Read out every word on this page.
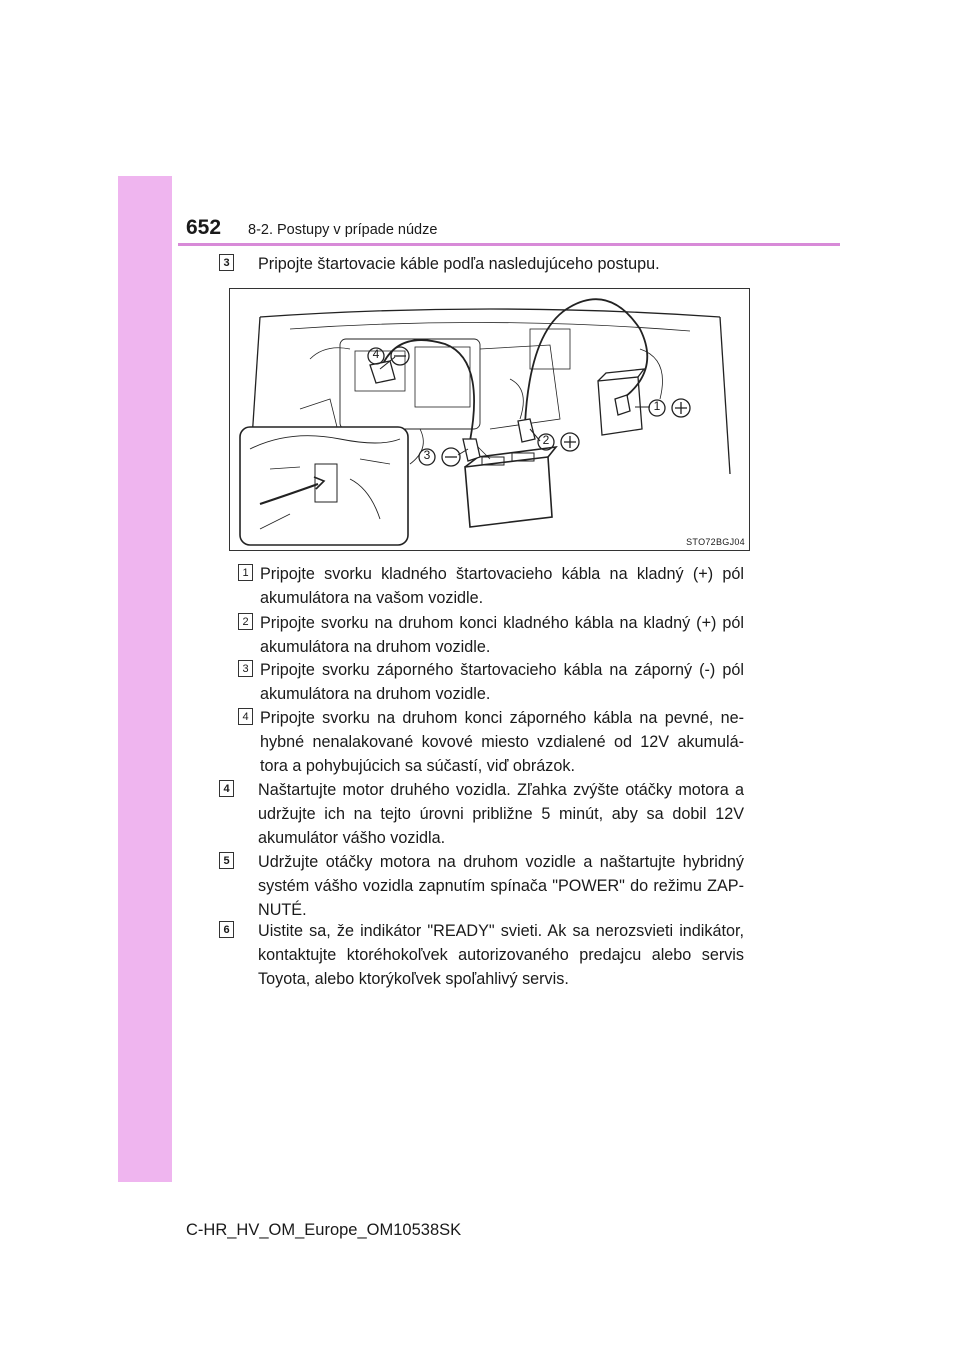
652 8-2. Postupy v prípade núdze
3 Pripojte štartovacie káble podľa nasledujúceho postupu.
1
2
3
4
STO72BGJ04
1 Pripojte svorku kladného štartovacieho kábla na kladný (+) pól akumulátora na vašom vozidle.
2 Pripojte svorku na druhom konci kladného kábla na kladný (+) pól akumulátora na druhom vozidle.
3 Pripojte svorku záporného štartovacieho kábla na záporný (-) pól akumulátora na druhom vozidle.
4 Pripojte svorku na druhom konci záporného kábla na pevné, ne-hybné nenalakované kovové miesto vzdialené od 12V akumulá-tora a pohybujúcich sa súčastí, viď obrázok.
4 Naštartujte motor druhého vozidla. Zľahka zvýšte otáčky motora a udržujte ich na tejto úrovni približne 5 minút, aby sa dobil 12V akumulátor vášho vozidla.
5 Udržujte otáčky motora na druhom vozidle a naštartujte hybridný systém vášho vozidla zapnutím spínača "POWER" do režimu ZAP-NUTÉ.
6 Uistite sa, že indikátor "READY" svieti. Ak sa nerozsvieti indikátor, kontaktujte ktoréhokoľvek autorizovaného predajcu alebo servis Toyota, alebo ktorýkoľvek spoľahlivý servis.
C-HR_HV_OM_Europe_OM10538SK
